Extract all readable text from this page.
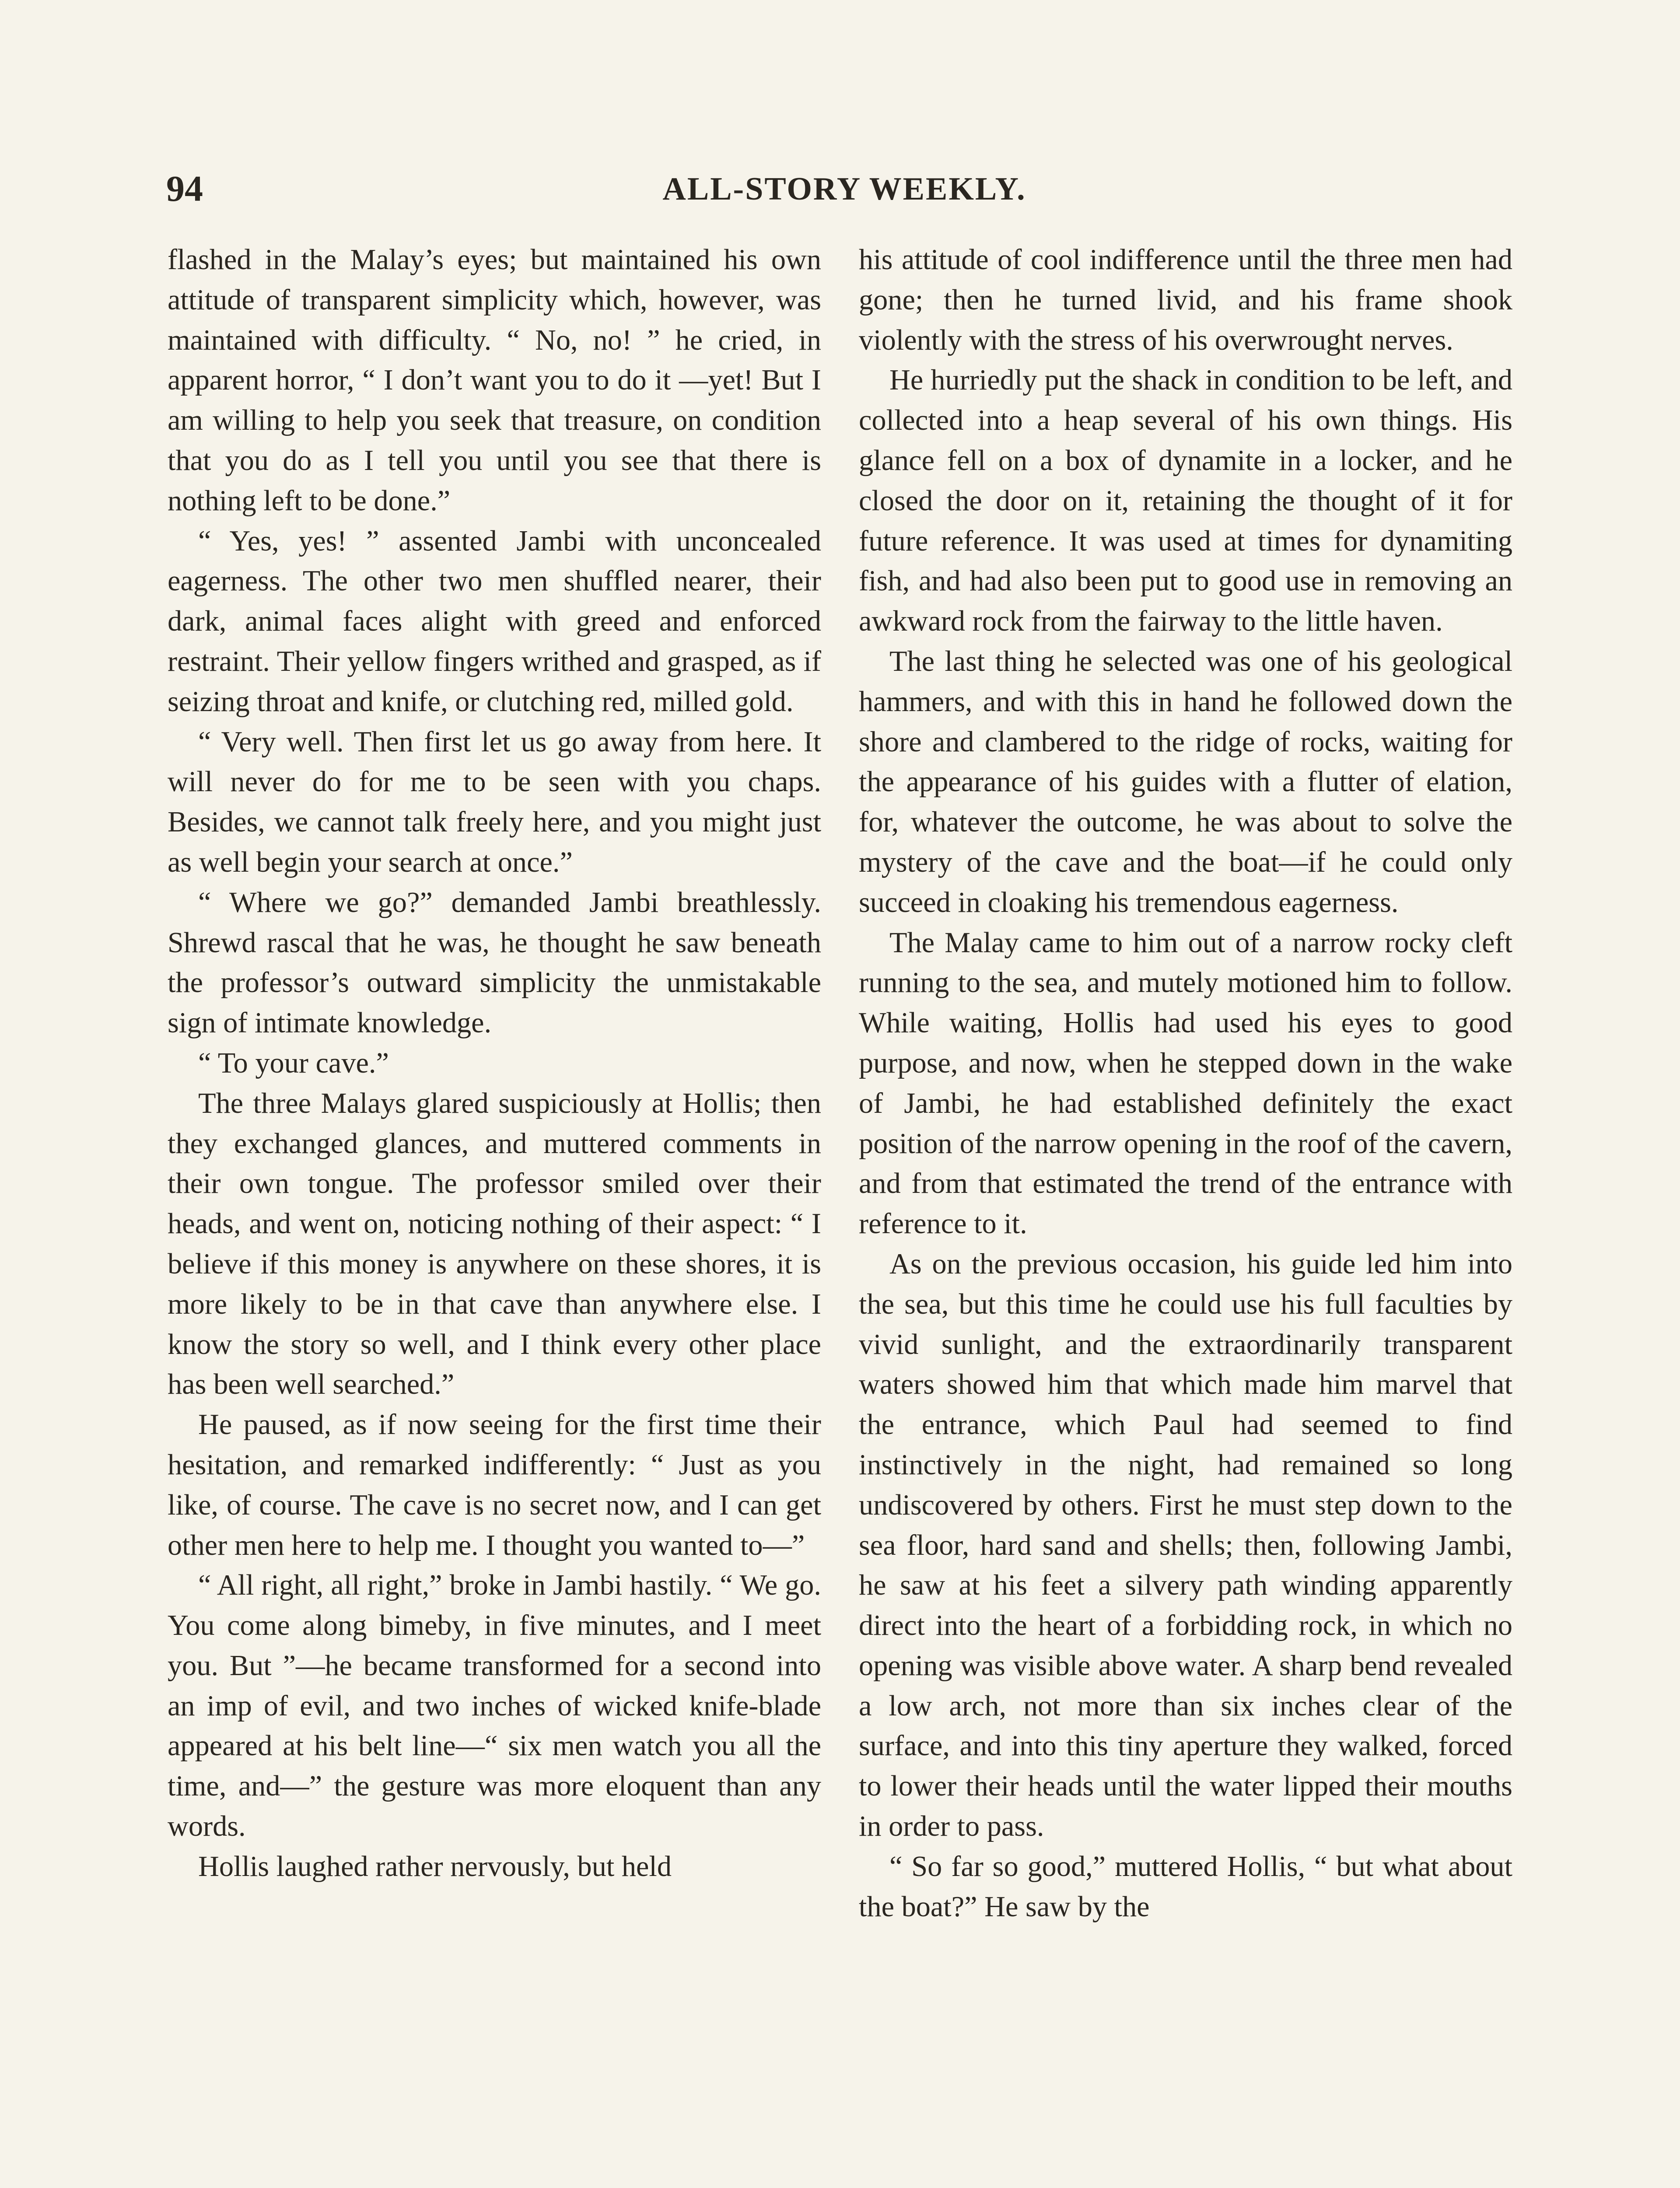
94	ALL-STORY WEEKLY.

flashed in the Malay’s eyes; but maintained his own attitude of transparent simplicity which, however, was maintained with difficulty. “ No, no! ” he cried, in apparent horror, “ I don’t want you to do it —yet! But I am willing to help you seek that treasure, on condition that you do as I tell you until you see that there is nothing left to be done.”

“ Yes, yes! ” assented Jambi with unconcealed eagerness. The other two men shuffled nearer, their dark, animal faces alight with greed and enforced restraint. Their yellow fingers writhed and grasped, as if seizing throat and knife, or clutching red, milled gold.

“ Very well. Then first let us go away from here. It will never do for me to be seen with you chaps. Besides, we cannot talk freely here, and you might just as well begin your search at once.”

“ Where we go?” demanded Jambi breathlessly. Shrewd rascal that he was, he thought he saw beneath the professor’s outward simplicity the unmistakable sign of intimate knowledge.

“ To your cave.”

The three Malays glared suspiciously at Hollis; then they exchanged glances, and muttered comments in their own tongue. The professor smiled over their heads, and went on, noticing nothing of their aspect: “ I believe if this money is anywhere on these shores, it is more likely to be in that cave than anywhere else. I know the story so well, and I think every other place has been well searched.”

He paused, as if now seeing for the first time their hesitation, and remarked indifferently: “ Just as you like, of course. The cave is no secret now, and I can get other men here to help me. I thought you wanted to—”

“ All right, all right,” broke in Jambi hastily. “ We go. You come along bimeby, in five minutes, and I meet you. But ”—he became transformed for a second into an imp of evil, and two inches of wicked knife-blade appeared at his belt line—“ six men watch you all the time, and—” the gesture was more eloquent than any words.

Hollis laughed rather nervously, but held

his attitude of cool indifference until the three men had gone; then he turned livid, and his frame shook violently with the stress of his overwrought nerves.

He hurriedly put the shack in condition to be left, and collected into a heap several of his own things. His glance fell on a box of dynamite in a locker, and he closed the door on it, retaining the thought of it for future reference. It was used at times for dynamiting fish, and had also been put to good use in removing an awkward rock from the fairway to the little haven.

The last thing he selected was one of his geological hammers, and with this in hand he followed down the shore and clambered to the ridge of rocks, waiting for the appearance of his guides with a flutter of elation, for, whatever the outcome, he was about to solve the mystery of the cave and the boat—if he could only succeed in cloaking his tremendous eagerness.

The Malay came to him out of a narrow rocky cleft running to the sea, and mutely motioned him to follow. While waiting, Hollis had used his eyes to good purpose, and now, when he stepped down in the wake of Jambi, he had established definitely the exact position of the narrow opening in the roof of the cavern, and from that estimated the trend of the entrance with reference to it.

As on the previous occasion, his guide led him into the sea, but this time he could use his full faculties by vivid sunlight, and the extraordinarily transparent waters showed him that which made him marvel that the entrance, which Paul had seemed to find instinctively in the night, had remained so long undiscovered by others. First he must step down to the sea floor, hard sand and shells; then, following Jambi, he saw at his feet a silvery path winding apparently direct into the heart of a forbidding rock, in which no opening was visible above water. A sharp bend revealed a low arch, not more than six inches clear of the surface, and into this tiny aperture they walked, forced to lower their heads until the water lipped their mouths in order to pass.

“ So far so good,” muttered Hollis, “ but what about the boat?” He saw by the
